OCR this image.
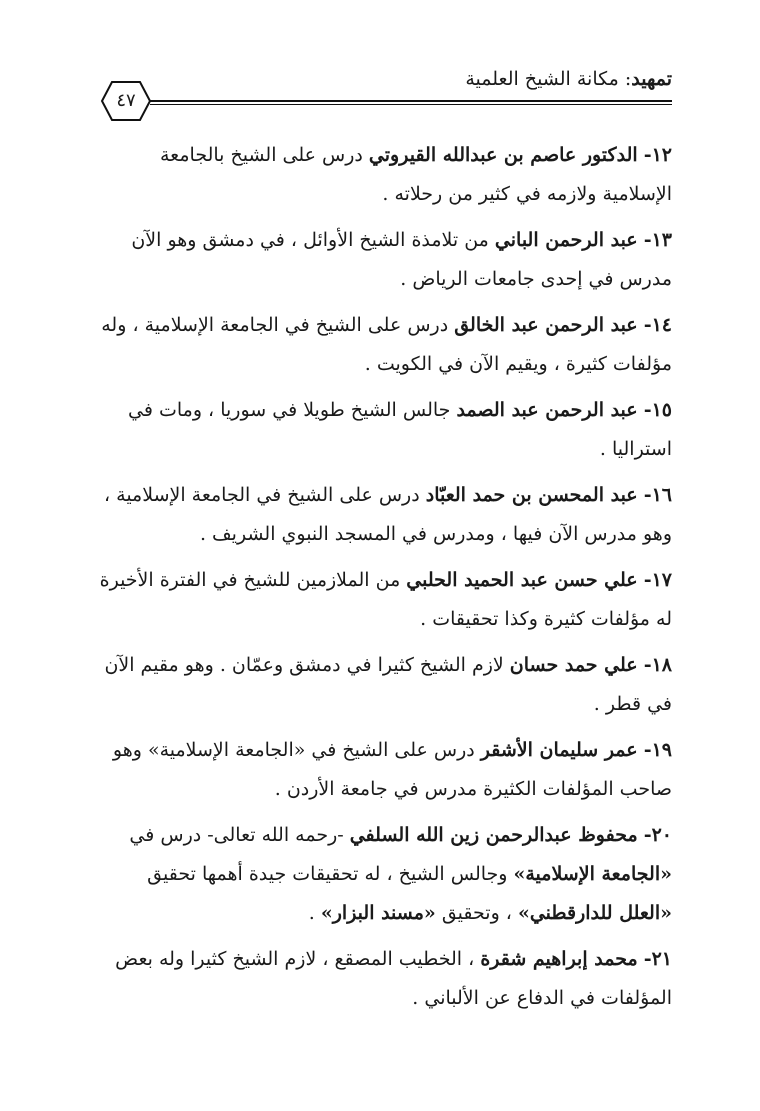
تمهيد: مكانة الشيخ العلمية
٤٧
١٢- الدكتور عاصم بن عبدالله القيروتي درس على الشيخ بالجامعة
الإسلامية ولازمه في كثير من رحلاته .
١٣- عبد الرحمن الباني من تلامذة الشيخ الأوائل ، في دمشق وهو الآن
مدرس في إحدى جامعات الرياض .
١٤- عبد الرحمن عبد الخالق درس على الشيخ في الجامعة الإسلامية ، وله
مؤلفات كثيرة ، ويقيم الآن في الكويت .
١٥- عبد الرحمن عبد الصمد جالس الشيخ طويلا في سوريا ، ومات في
استراليا .
١٦- عبد المحسن بن حمد العبّاد درس على الشيخ في الجامعة الإسلامية ،
وهو مدرس الآن فيها ، ومدرس في المسجد النبوي الشريف .
١٧- علي حسن عبد الحميد الحلبي من الملازمين للشيخ في الفترة الأخيرة
له مؤلفات كثيرة وكذا تحقيقات .
١٨- علي حمد حسان لازم الشيخ كثيرا في دمشق وعمّان . وهو مقيم الآن
في قطر .
١٩- عمر سليمان الأشقر درس على الشيخ في «الجامعة الإسلامية» وهو
صاحب المؤلفات الكثيرة مدرس في جامعة الأردن .
٢٠- محفوظ عبدالرحمن زين الله السلفي -رحمه الله تعالى- درس في
«الجامعة الإسلامية» وجالس الشيخ ، له تحقيقات جيدة أهمها تحقيق
«العلل للدارقطني» ، وتحقيق «مسند البزار» .
٢١- محمد إبراهيم شقرة ، الخطيب المصقع ، لازم الشيخ كثيرا وله بعض
المؤلفات في الدفاع عن الألباني .
